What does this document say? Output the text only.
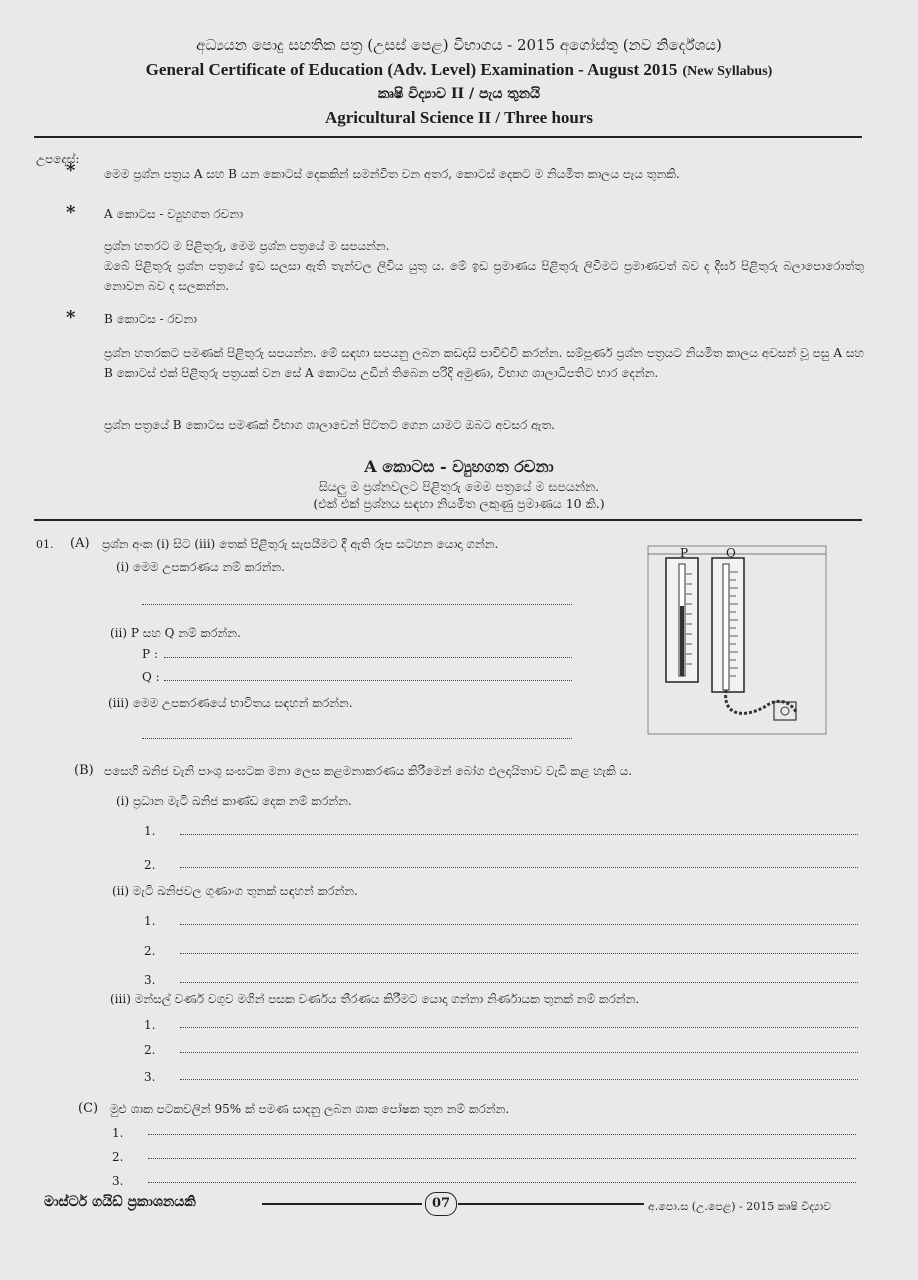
අධ්‍යයන පොදු සහතික පත්‍ර (උසස් පෙළ) විභාගය - 2015 අගෝස්තු (නව නිර්දේශය)
General Certificate of Education (Adv. Level) Examination - August 2015 (New Syllabus)
කෘෂි විද්‍යාව II / පැය තුනයි
Agricultural Science II / Three hours
උපදෙස්:
* මෙම ප්‍රශ්න පත්‍රය A සහ B යන කොටස් දෙකකින් සමන්විත වන අතර, කොටස් දෙකට ම නියමිත කාලය පැය තුනකි.
* A කොටස - ව්‍යුහගත රචනා
ප්‍රශ්න හතරට ම පිළිතුරු, මෙම ප්‍රශ්න පත්‍රයේ ම සපයන්න.
ඔබේ පිළිතුරු ප්‍රශ්න පත්‍රයේ ඉඩ සලසා ඇති තැන්වල ලිවිය යුතු ය. මේ ඉඩ ප්‍රමාණය පිළිතුරු ලිවීමට ප්‍රමාණවත් බව ද දීර්ඝ පිළිතුරු බලාපොරොත්තු නොවන බව ද සලකන්න.
* B කොටස - රචනා
ප්‍රශ්න හතරකට පමණක් පිළිතුරු සපයන්න. මේ සඳහා සපයනු ලබන කඩදාසි පාවිච්චි කරන්න. සම්පූර්ණ ප්‍රශ්න පත්‍රයට නියමිත කාලය අවසන් වූ පසු A සහ B කොටස් එක් පිළිතුරු පත්‍රයක් වන සේ A කොටස උඩින් තිබෙන පරිදි අමුණා, විභාග ශාලාධිපතිට භාර දෙන්න.
ප්‍රශ්න පත්‍රයේ B කොටස පමණක් විභාග ශාලාවෙන් පිටතට ගෙන යාමට ඔබට අවසර ඇත.
A කොටස - ව්‍යුහගත රචනා
සියලු ම ප්‍රශ්නවලට පිළිතුරු මෙම පත්‍රයේ ම සපයන්න.
(එක් එක් ප්‍රශ්නය සඳහා නියමිත ලකුණු ප්‍රමාණය 10 කි.)
01. (A) ප්‍රශ්න අංක (i) සිට (iii) තෙක් පිළිතුරු සැපයීමට දී ඇති රූප සටහන යොදා ගන්න.
(i) මෙම උපකරණය නම් කරන්න.
(ii) P සහ Q නම් කරන්න.
P :
Q :
(iii) මෙම උපකරණයේ භාවිතය සඳහන් කරන්න.
P	Q
(B) පසෙහි ඛනිජ වැනි පාංශු සංඝටක මනා ලෙස කළමනාකරණය කිරීමෙන් බෝග ඵලදායිතාව වැඩි කළ හැකි ය.
(i) ප්‍රධාන මැටි ඛනිජ කාණ්ඩ දෙක නම් කරන්න.
1.
2.
(ii) මැටි ඛනිජවල ගුණාංග තුනක් සඳහන් කරන්න.
1.
2.
3.
(iii) මන්සල් වර්ණ වගුව මගින් පසක වර්ණය තීරණය කිරීමට යොදා ගන්නා නිර්ණායක තුනක් නම් කරන්න.
1.
2.
3.
(C) මුළු ශාක පටකවලින් 95% ක් පමණ සාදනු ලබන ශාක පෝෂක තුන නම් කරන්න.
1.
2.
3.
මාස්ටර් ගයිඩ් ප්‍රකාශනයකි	07	අ.පො.ස (උ.පෙළ) - 2015 කෘෂි විද්‍යාව
